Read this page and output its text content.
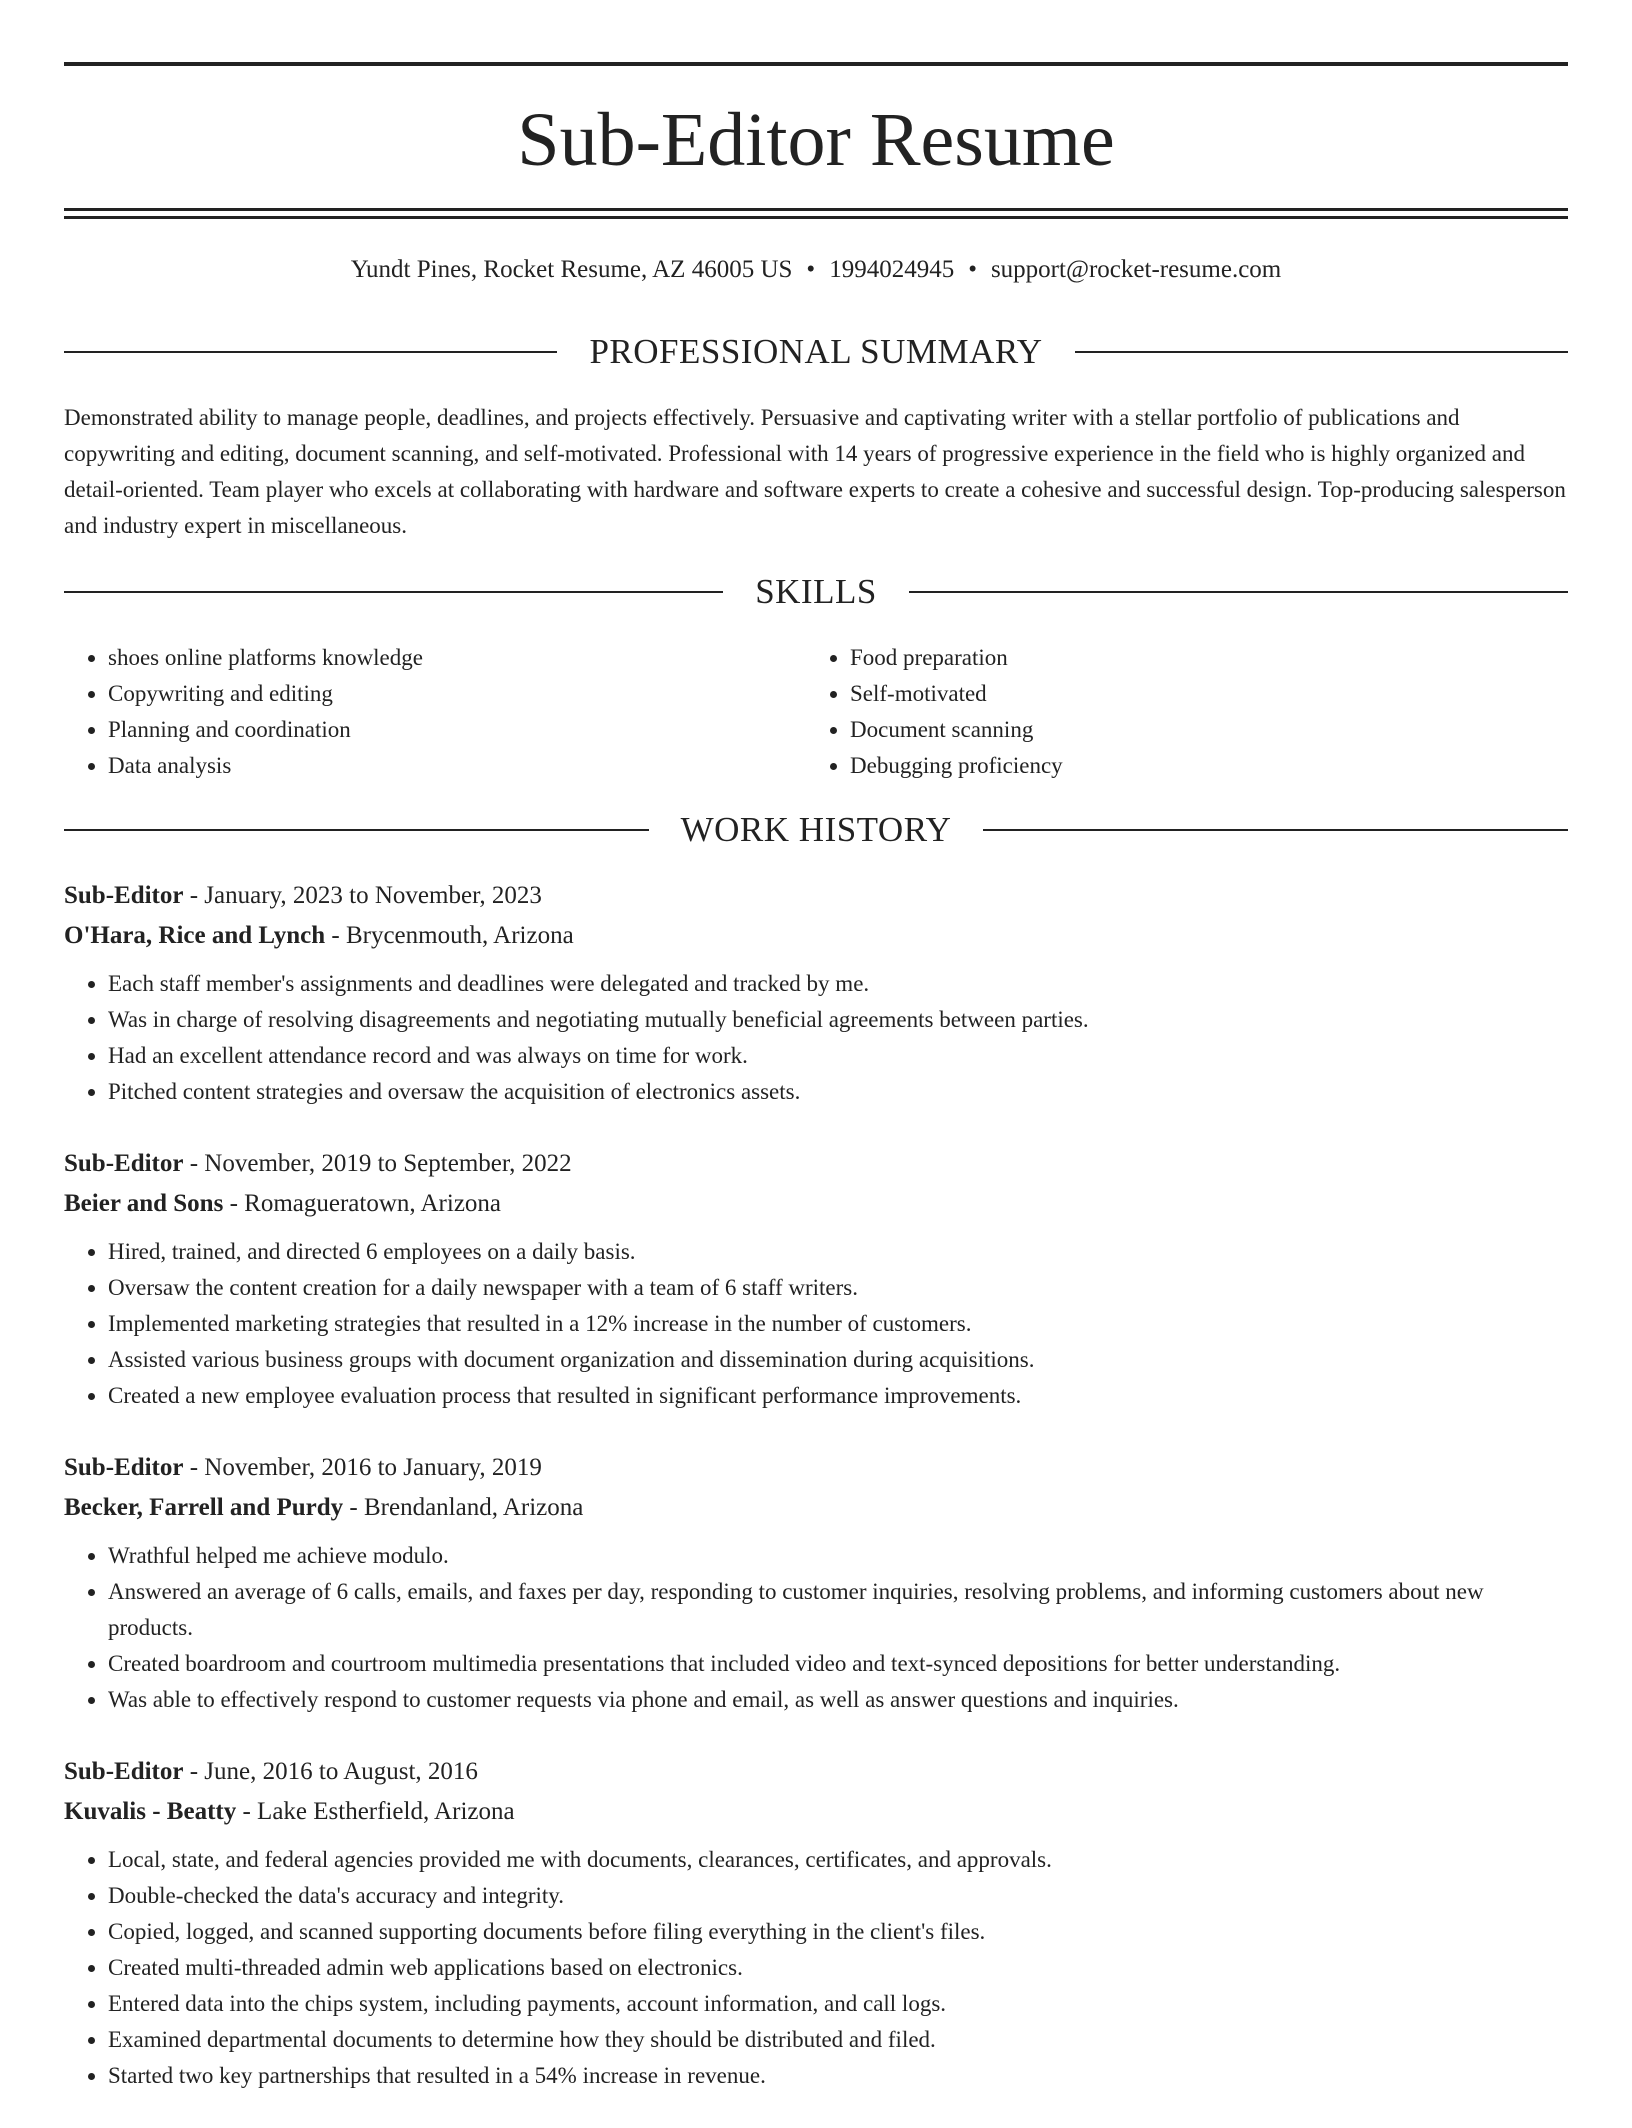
Sub-Editor Resume
Yundt Pines, Rocket Resume, AZ 46005 US • 1994024945 • support@rocket-resume.com
PROFESSIONAL SUMMARY

Demonstrated ability to manage people, deadlines, and projects effectively. Persuasive and captivating writer with a stellar portfolio of publications and copywriting and editing, document scanning, and self-motivated. Professional with 14 years of progressive experience in the field who is highly organized and detail-oriented. Team player who excels at collaborating with hardware and software experts to create a cohesive and successful design. Top-producing salesperson and industry expert in miscellaneous.

SKILLS
• shoes online platforms knowledge
• Copywriting and editing
• Planning and coordination
• Data analysis
• Food preparation
• Self-motivated
• Document scanning
• Debugging proficiency
WORK HISTORY
Sub-Editor - January, 2023 to November, 2023
O'Hara, Rice and Lynch - Brycenmouth, Arizona
• Each staff member's assignments and deadlines were delegated and tracked by me.
• Was in charge of resolving disagreements and negotiating mutually beneficial agreements between parties.
• Had an excellent attendance record and was always on time for work.
• Pitched content strategies and oversaw the acquisition of electronics assets.
Sub-Editor - November, 2019 to September, 2022
Beier and Sons - Romagueratown, Arizona
• Hired, trained, and directed 6 employees on a daily basis.
• Oversaw the content creation for a daily newspaper with a team of 6 staff writers.
• Implemented marketing strategies that resulted in a 12% increase in the number of customers.
• Assisted various business groups with document organization and dissemination during acquisitions.
• Created a new employee evaluation process that resulted in significant performance improvements.
Sub-Editor - November, 2016 to January, 2019
Becker, Farrell and Purdy - Brendanland, Arizona
• Wrathful helped me achieve modulo.
• Answered an average of 6 calls, emails, and faxes per day, responding to customer inquiries, resolving problems, and informing customers about new products.
• Created boardroom and courtroom multimedia presentations that included video and text-synced depositions for better understanding.
• Was able to effectively respond to customer requests via phone and email, as well as answer questions and inquiries.
Sub-Editor - June, 2016 to August, 2016
Kuvalis - Beatty - Lake Estherfield, Arizona
• Local, state, and federal agencies provided me with documents, clearances, certificates, and approvals.
• Double-checked the data's accuracy and integrity.
• Copied, logged, and scanned supporting documents before filing everything in the client's files.
• Created multi-threaded admin web applications based on electronics.
• Entered data into the chips system, including payments, account information, and call logs.
• Examined departmental documents to determine how they should be distributed and filed.
• Started two key partnerships that resulted in a 54% increase in revenue.
